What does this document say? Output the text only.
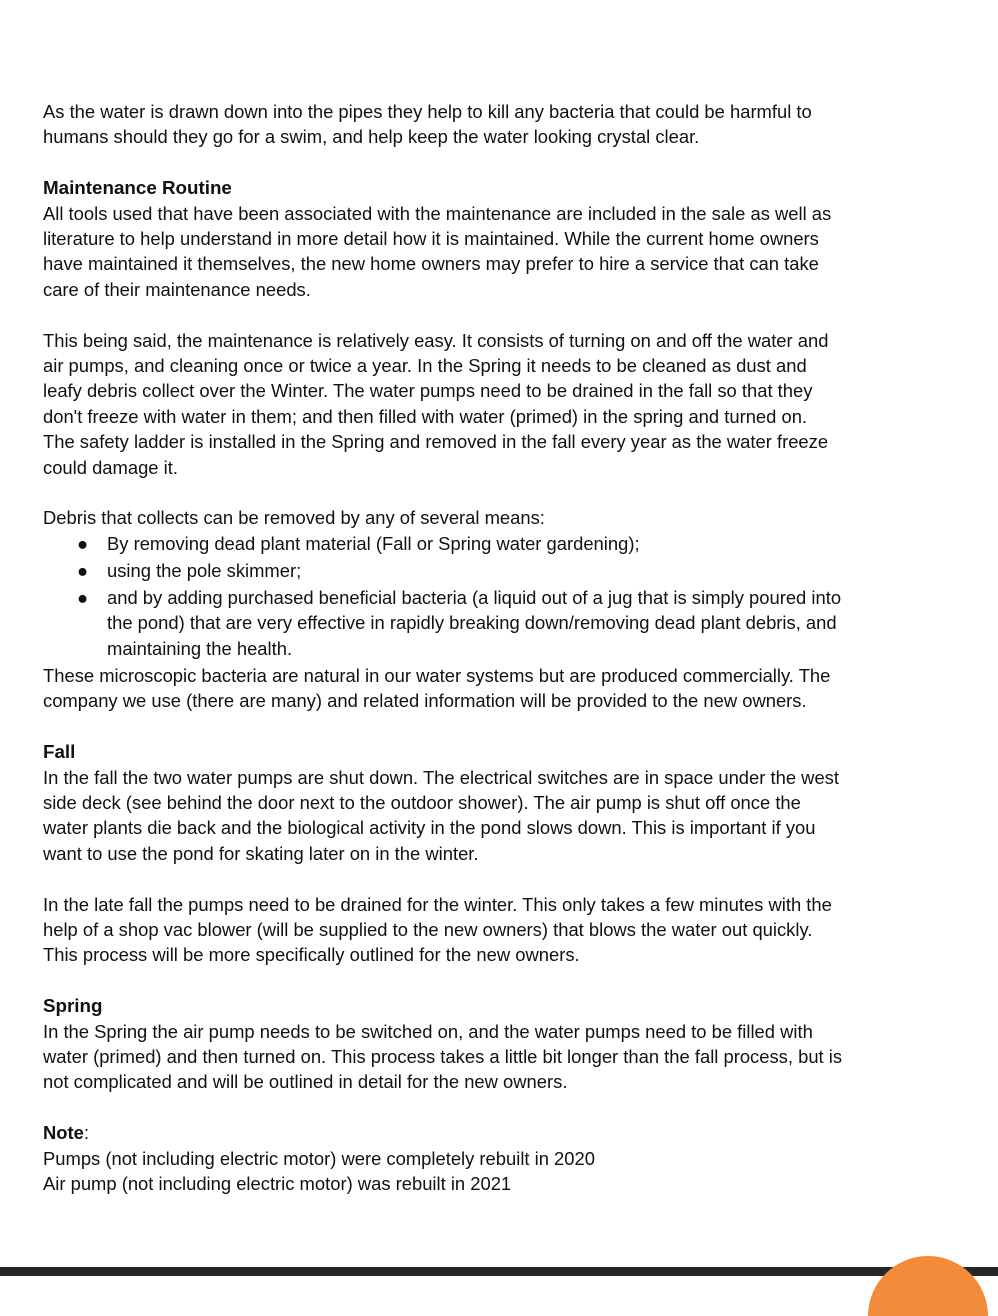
As the water is drawn down into the pipes they help to kill any bacteria that could be harmful to humans should they go for a swim, and help keep the water looking crystal clear.

Maintenance Routine

All tools used that have been associated with the maintenance are included in the sale as well as literature to help understand in more detail how it is maintained. While the current home owners have maintained it themselves, the new home owners may prefer to hire a service that can take care of their maintenance needs.

This being said, the maintenance is relatively easy. It consists of turning on and off the water and air pumps, and cleaning once or twice a year. In the Spring it needs to be cleaned as dust and leafy debris collect over the Winter. The water pumps need to be drained in the fall so that they don't freeze with water in them; and then filled with water (primed) in the spring and turned on. The safety ladder is installed in the Spring and removed in the fall every year as the water freeze could damage it.

Debris that collects can be removed by any of several means:

● By removing dead plant material (Fall or Spring water gardening);
● using the pole skimmer;
● and by adding purchased beneficial bacteria (a liquid out of a jug that is simply poured into the pond) that are very effective in rapidly breaking down/removing dead plant debris, and maintaining the health.

These microscopic bacteria are natural in our water systems but are produced commercially. The company we use (there are many) and related information will be provided to the new owners.

Fall

In the fall the two water pumps are shut down. The electrical switches are in space under the west side deck (see behind the door next to the outdoor shower). The air pump is shut off once the water plants die back and the biological activity in the pond slows down. This is important if you want to use the pond for skating later on in the winter.

In the late fall the pumps need to be drained for the winter. This only takes a few minutes with the help of a shop vac blower (will be supplied to the new owners) that blows the water out quickly. This process will be more specifically outlined for the new owners.

Spring

In the Spring the air pump needs to be switched on, and the water pumps need to be filled with water (primed) and then turned on. This process takes a little bit longer than the fall process, but is not complicated and will be outlined in detail for the new owners.

Note:

Pumps (not including electric motor) were completely rebuilt in 2020

Air pump (not including electric motor) was rebuilt in 2021
